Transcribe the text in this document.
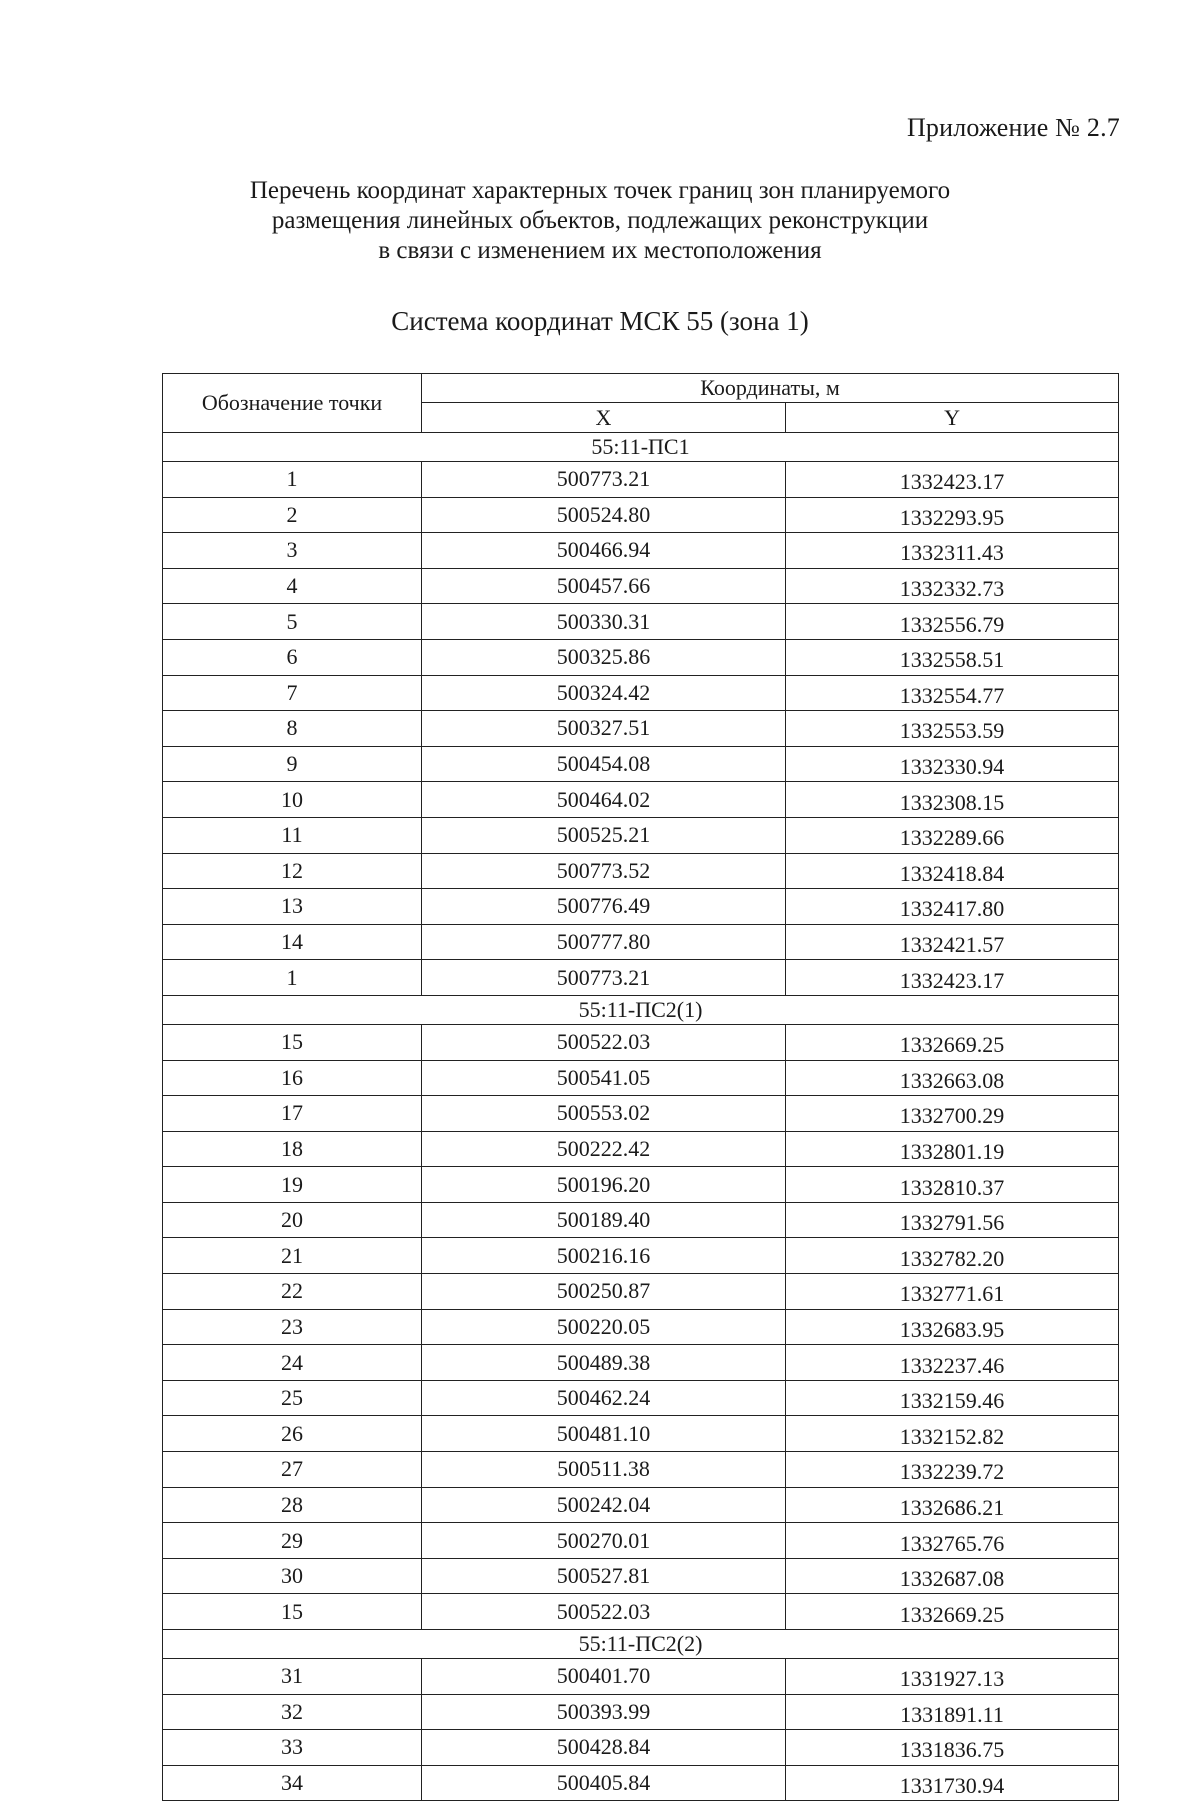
Приложение № 2.7
Перечень координат характерных точек границ зон планируемого
размещения линейных объектов, подлежащих реконструкции
в связи с изменением их местоположения
Система координат МСК 55 (зона 1)
Обозначение точки	Координаты, м	
	X	Y
55:11-ПС1		
1	500773.21	1332423.17
2	500524.80	1332293.95
3	500466.94	1332311.43
4	500457.66	1332332.73
5	500330.31	1332556.79
6	500325.86	1332558.51
7	500324.42	1332554.77
8	500327.51	1332553.59
9	500454.08	1332330.94
10	500464.02	1332308.15
11	500525.21	1332289.66
12	500773.52	1332418.84
13	500776.49	1332417.80
14	500777.80	1332421.57
1	500773.21	1332423.17
55:11-ПС2(1)		
15	500522.03	1332669.25
16	500541.05	1332663.08
17	500553.02	1332700.29
18	500222.42	1332801.19
19	500196.20	1332810.37
20	500189.40	1332791.56
21	500216.16	1332782.20
22	500250.87	1332771.61
23	500220.05	1332683.95
24	500489.38	1332237.46
25	500462.24	1332159.46
26	500481.10	1332152.82
27	500511.38	1332239.72
28	500242.04	1332686.21
29	500270.01	1332765.76
30	500527.81	1332687.08
15	500522.03	1332669.25
55:11-ПС2(2)		
31	500401.70	1331927.13
32	500393.99	1331891.11
33	500428.84	1331836.75
34	500405.84	1331730.94
